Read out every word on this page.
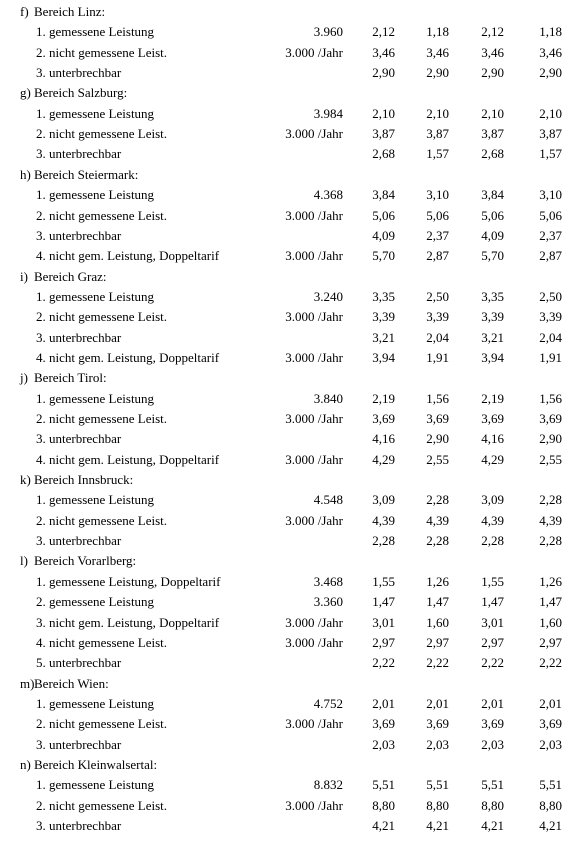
f) Bereich Linz:
1. gemessene Leistung	3.960 2,12 1,18 2,12	1,18
2. nicht gemessene Leist.	3.000 /Jahr 3,46 3,46 3,46	3,46
3. unterbrechbar	2,90 2,90 2,90	2,90
g) Bereich Salzburg:
1. gemessene Leistung	3.984 2,10 2,10 2,10	2,10
2. nicht gemessene Leist.	3.000 /Jahr 3,87 3,87 3,87	3,87
3. unterbrechbar	2,68 1,57 2,68	1,57
h) Bereich Steiermark:
1. gemessene Leistung	4.368 3,84 3,10 3,84	3,10
2. nicht gemessene Leist.	3.000 /Jahr 5,06 5,06 5,06	5,06
3. unterbrechbar	4,09 2,37 4,09	2,37
4. nicht gem. Leistung, Doppeltarif	3.000 /Jahr 5,70 2,87 5,70	2,87
i) Bereich Graz:
1. gemessene Leistung	3.240 3,35 2,50 3,35	2,50
2. nicht gemessene Leist.	3.000 /Jahr 3,39 3,39 3,39	3,39
3. unterbrechbar	3,21 2,04 3,21	2,04
4. nicht gem. Leistung, Doppeltarif	3.000 /Jahr 3,94 1,91 3,94	1,91
j) Bereich Tirol:
1. gemessene Leistung	3.840 2,19 1,56 2,19	1,56
2. nicht gemessene Leist.	3.000 /Jahr 3,69 3,69 3,69	3,69
3. unterbrechbar	4,16 2,90 4,16	2,90
4. nicht gem. Leistung, Doppeltarif	3.000 /Jahr 4,29 2,55 4,29	2,55
k) Bereich Innsbruck:
1. gemessene Leistung	4.548 3,09 2,28 3,09	2,28
2. nicht gemessene Leist.	3.000 /Jahr 4,39 4,39 4,39	4,39
3. unterbrechbar	2,28 2,28 2,28	2,28
l) Bereich Vorarlberg:
1. gemessene Leistung, Doppeltarif	3.468 1,55 1,26 1,55	1,26
2. gemessene Leistung	3.360 1,47 1,47 1,47	1,47
3. nicht gem. Leistung, Doppeltarif	3.000 /Jahr 3,01 1,60 3,01	1,60
4. nicht gemessene Leist.	3.000 /Jahr 2,97 2,97 2,97	2,97
5. unterbrechbar	2,22 2,22 2,22	2,22
m)Bereich Wien:
1. gemessene Leistung	4.752 2,01 2,01 2,01	2,01
2. nicht gemessene Leist.	3.000 /Jahr 3,69 3,69 3,69	3,69
3. unterbrechbar	2,03 2,03 2,03	2,03
n) Bereich Kleinwalsertal:
1. gemessene Leistung	8.832 5,51 5,51 5,51	5,51
2. nicht gemessene Leist.	3.000 /Jahr 8,80 8,80 8,80	8,80
3. unterbrechbar	4,21 4,21 4,21	4,21
